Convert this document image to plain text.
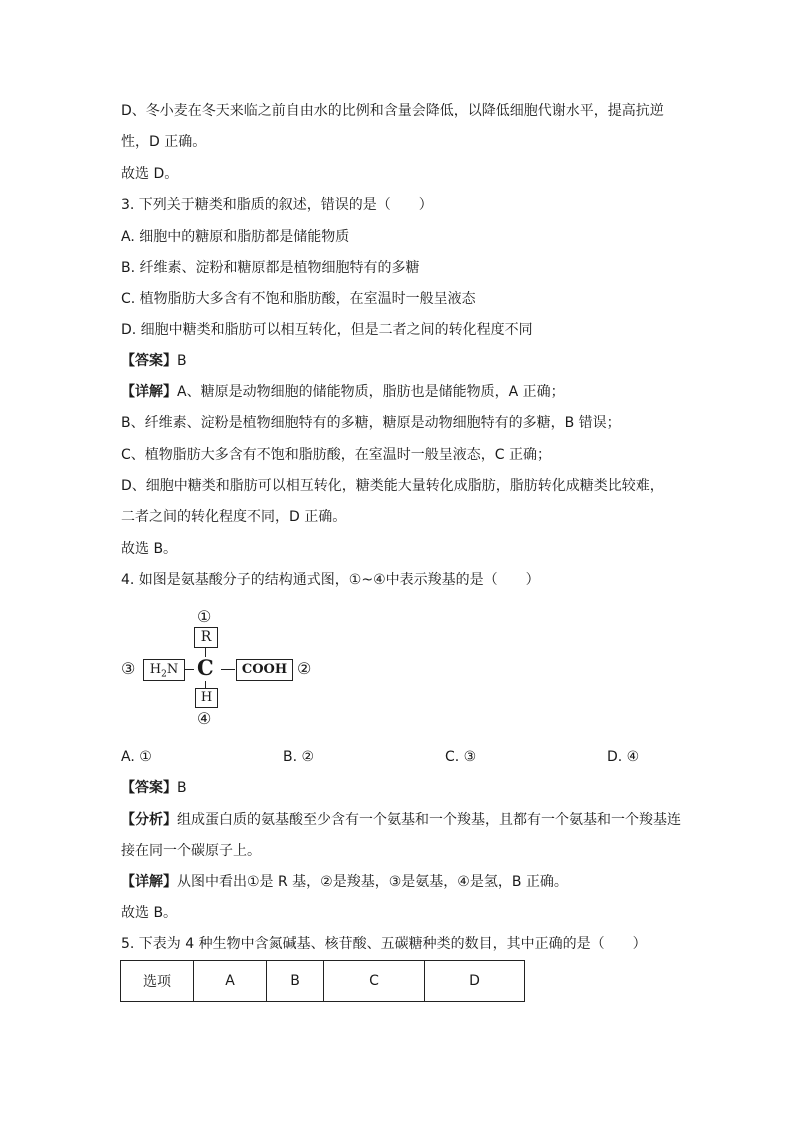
D、冬小麦在冬天来临之前自由水的比例和含量会降低，以降低细胞代谢水平，提高抗逆
性，D 正确。
故选 D。
3. 下列关于糖类和脂质的叙述，错误的是（　　）
A. 细胞中的糖原和脂肪都是储能物质
B. 纤维素、淀粉和糖原都是植物细胞特有的多糖
C. 植物脂肪大多含有不饱和脂肪酸，在室温时一般呈液态
D. 细胞中糖类和脂肪可以相互转化，但是二者之间的转化程度不同
【答案】B
【详解】A、糖原是动物细胞的储能物质，脂肪也是储能物质，A 正确；
B、纤维素、淀粉是植物细胞特有的多糖，糖原是动物细胞特有的多糖，B 错误；
C、植物脂肪大多含有不饱和脂肪酸，在室温时一般呈液态，C 正确；
D、细胞中糖类和脂肪可以相互转化，糖类能大量转化成脂肪，脂肪转化成糖类比较难，
二者之间的转化程度不同，D 正确。
故选 B。
4. 如图是氨基酸分子的结构通式图，①~④中表示羧基的是（　　）
①
R
③	$H_2N$ C	COOH ②
H
④
A. ①	B. ②	C. ③	D. ④
【答案】B
【分析】组成蛋白质的氨基酸至少含有一个氨基和一个羧基，且都有一个氨基和一个羧基连
接在同一个碳原子上。
【详解】从图中看出①是 R 基，②是羧基，③是氨基，④是氢，B 正确。
故选 B。
5. 下表为 4 种生物中含氮碱基、核苷酸、五碳糖种类的数目，其中正确的是（　　）
选项	A	B	C	D
